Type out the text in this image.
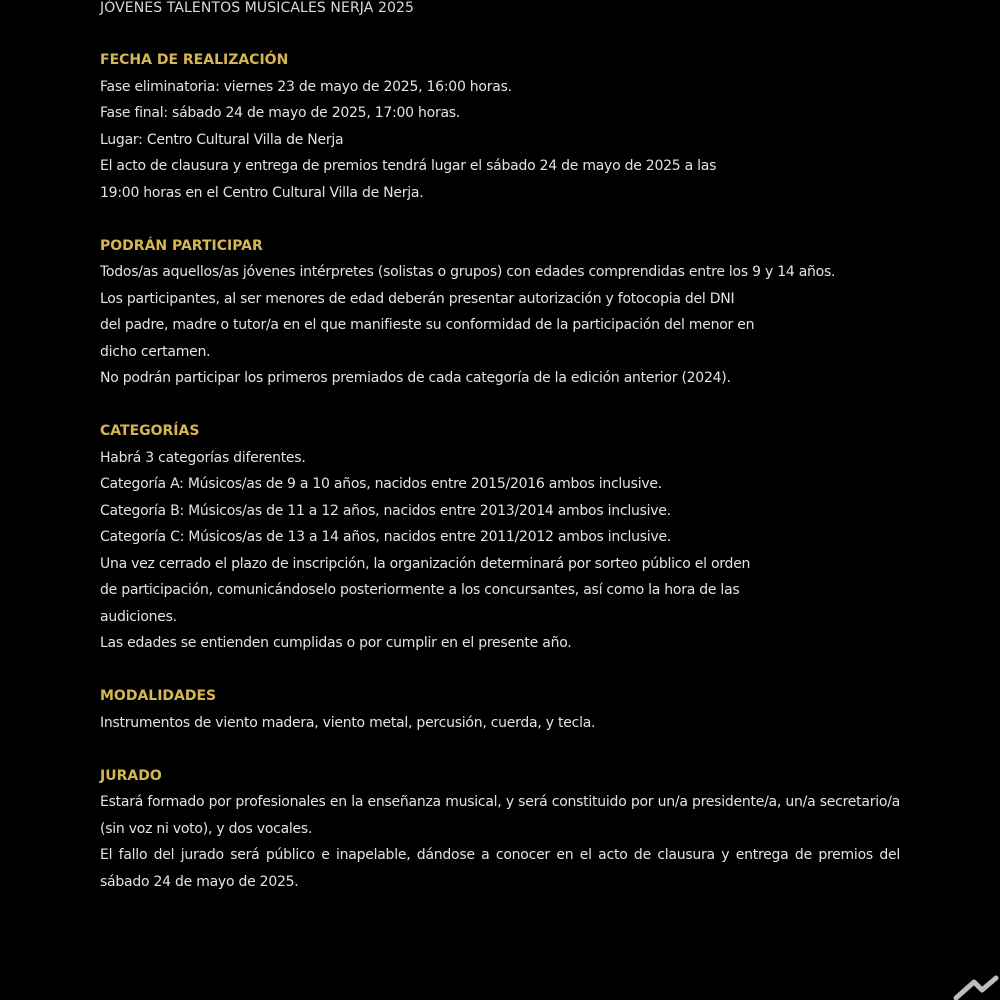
JÓVENES TALENTOS MUSICALES NERJA 2025
FECHA DE REALIZACIÓN
Fase eliminatoria: viernes 23 de mayo de 2025, 16:00 horas.
Fase final: sábado 24 de mayo de 2025, 17:00 horas.
Lugar: Centro Cultural Villa de Nerja
El acto de clausura y entrega de premios tendrá lugar el sábado 24 de mayo de 2025 a las
19:00 horas en el Centro Cultural Villa de Nerja.
PODRÁN PARTICIPAR
Todos/as aquellos/as jóvenes intérpretes (solistas o grupos) con edades comprendidas entre los 9 y 14 años.
Los participantes, al ser menores de edad deberán presentar autorización y fotocopia del DNI
del padre, madre o tutor/a en el que manifieste su conformidad de la participación del menor en
dicho certamen.
No podrán participar los primeros premiados de cada categoría de la edición anterior (2024).
CATEGORÍAS
Habrá 3 categorías diferentes.
Categoría A: Músicos/as de 9 a 10 años, nacidos entre 2015/2016 ambos inclusive.
Categoría B: Músicos/as de 11 a 12 años, nacidos entre 2013/2014 ambos inclusive.
Categoría C: Músicos/as de 13 a 14 años, nacidos entre 2011/2012 ambos inclusive.
Una vez cerrado el plazo de inscripción, la organización determinará por sorteo público el orden
de participación, comunicándoselo posteriormente a los concursantes, así como la hora de las
audiciones.
Las edades se entienden cumplidas o por cumplir en el presente año.
MODALIDADES
Instrumentos de viento madera, viento metal, percusión, cuerda, y tecla.
JURADO
Estará formado por profesionales en la enseñanza musical, y será constituido por un/a presidente/a, un/a secretario/a (sin voz ni voto), y dos vocales.
El fallo del jurado será público e inapelable, dándose a conocer en el acto de clausura y entrega de premios del sábado 24 de mayo de 2025.
